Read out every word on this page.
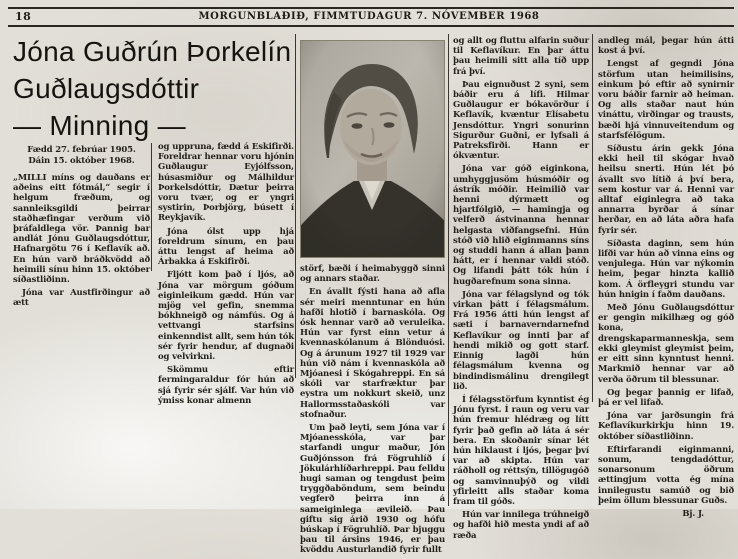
18	MORGUNBLAÐIÐ, FIMMTUDAGUR 7. NÓVEMBER 1968
Jóna Guðrún Þorkelín
Guðlaugsdóttir
— Minning —
Fædd 27. febrúar 1905.
Dáin 15. október 1968.

„MILLI míns og dauðans er aðeins eitt fótmál,“ segir í helgum fræðum, og sannleiksgildi þeirrar staðhæfingar verðum við þráfaldlega vör. Þannig bar andlát Jónu Guðlaugsdóttur, Hafnargötu 76 í Keflavík að. En hún varð bráðkvödd að heimili sínu hinn 15. október síðastliðinn.

Jóna var Austfirðingur að ætt

og uppruna, fædd á Eskifirði. Foreldrar hennar voru hjónin Guðlaugur Eyjólfsson, húsasmiður og Málhildur Þorkelsdóttir, Dætur þeirra voru tvær, og er yngri systirin, Þorbjörg, búsett í Reykjavík.

Jóna ólst upp hjá foreldrum sínum, en þau áttu lengst af heima að Árbakka á Eskifirði.

Fljótt kom það í ljós, að Jóna var mörgum góðum eiginleikum gædd. Hún var mjög vel gefin, snemma bókhneigð og námfús. Og á vettvangi starfsins einkenndist allt, sem hún tók sér fyrir hendur, af dugnaði og velvirkni.

Skömmu eftir fermingaraldur fór hún að sjá fyrir sér sjálf. Var hún við ýmiss konar almenn

störf, bæði í heimabyggð sinni og annars staðar.

En ávallt fýsti hana að afla sér meiri menntunar en hún hafði hlotið í barnaskóla. Og ósk hennar varð að veruleika. Hún var fyrst einn vetur á kvennaskólanum á Blönduósi. Og á árunum 1927 til 1929 var hún við nám í kvennaskóla að Mjóanesi í Skógahreppi. En sá skóli var starfræktur þar eystra um nokkurt skeið, unz Hallormsstaðaskóli var stofnaður.

Um það leyti, sem Jóna var í Mjóanesskóla, var þar starfandi ungur maður, Jón Guðjónsson frá Fögruhlíð í Jökulárhlíðarhreppi. Þau felldu hugi saman og tengdust þeim tryggðaböndum, sem beindu vegferð þeirra inn á sameiginlega ævileið. Þau giftu sig árið 1930 og hófu búskap í Fögruhlíð. Þar bjuggu þau til ársins 1946, er þau kvöddu Austurlandið fyrir fullt

og allt og fluttu alfarin suður til Keflavíkur. En þar áttu þau heimili sitt alla tíð upp frá því.

Þau eignuðust 2 syni, sem báðir eru á lífi. Hilmar Guðlaugur er bókavörður í Keflavík, kvæntur Elísabetu Jensdóttur. Yngri sonurinn Sigurður Guðni, er lyfsali á Patreksfirði. Hann er ókvæntur.

Jóna var góð eiginkona, umhyggjusöm húsmóðir og ástrík móðir. Heimilið var henni dýrmætt og hjartfólgið, — hamingja og velferð ástvinanna hennar helgasta viðfangsefni. Hún stóð við hlið eiginmanns síns og studdi hann á allan þann hátt, er í hennar valdi stóð. Og lifandi þátt tók hún í hugðarefnum sona sinna.

Jóna var félagslynd og tók virkan þátt í félagsmálum. Frá 1956 átti hún lengst af sæti í barnaverndarnefnd Keflavíkur og innti þar af hendi mikið og gott starf. Einnig lagði hún félagsmálum kvenna og bindindismálinu drengilegt lið.

Í félagsstörfum kynntist ég Jónu fyrst. Í raun og veru var hún fremur hlédræg og lítt fyrir það gefin að láta á sér bera. En skoðanir sínar lét hún hiklaust í ljós, þegar því var að skipta. Hún var ráðholl og réttsýn, tillögugóð og samvinnuþýð og vildi yfirleitt alls staðar koma fram til góðs.

Hún var innilega trúhneigð og hafði hið mesta yndi af að ræða

andleg mál, þegar hún átti kost á því.

Lengst af gegndi Jóna störfum utan heimilisins, einkum þó eftir að synirnir voru báðir farnir að heiman. Og alls staðar naut hún vináttu, virðingar og trausts, bæði hjá vinnuveitendum og starfsfélögum.

Síðustu árin gekk Jóna ekki heil til skógar hvað heilsu snerti. Hún lét þó ávallt svo lítið á því bera, sem kostur var á. Henni var alltaf eiginlegra að taka annarra byrðar á sínar herðar, en að láta aðra hafa fyrir sér.

Síðasta daginn, sem hún lifði var hún að vinna eins og venjulega. Hún var nýkomin heim, þegar hinzta kallið kom. Á örfleygri stundu var hún hnigin í faðm dauðans.

Með Jónu Guðlaugsdóttur er gengin mikilhæg og góð kona, drengskaparmanneskja, sem ekki gleymist gleymist þeim, er eitt sinn kynntust henni. Markmið hennar var að verða öðrum til blessunar.

Og þegar þannig er lifað, þá er vel lifað.

Jóna var jarðsungin frá Keflavíkurkirkju hinn 19. október síðastliðinn.

Eftirfarandi eiginmanni, sonum, tengdadóttur, sonarsonum öðrum ættingjum votta ég mína innilegustu samúð og bið þeim öllum blessunar Guðs.

Bj. J.
